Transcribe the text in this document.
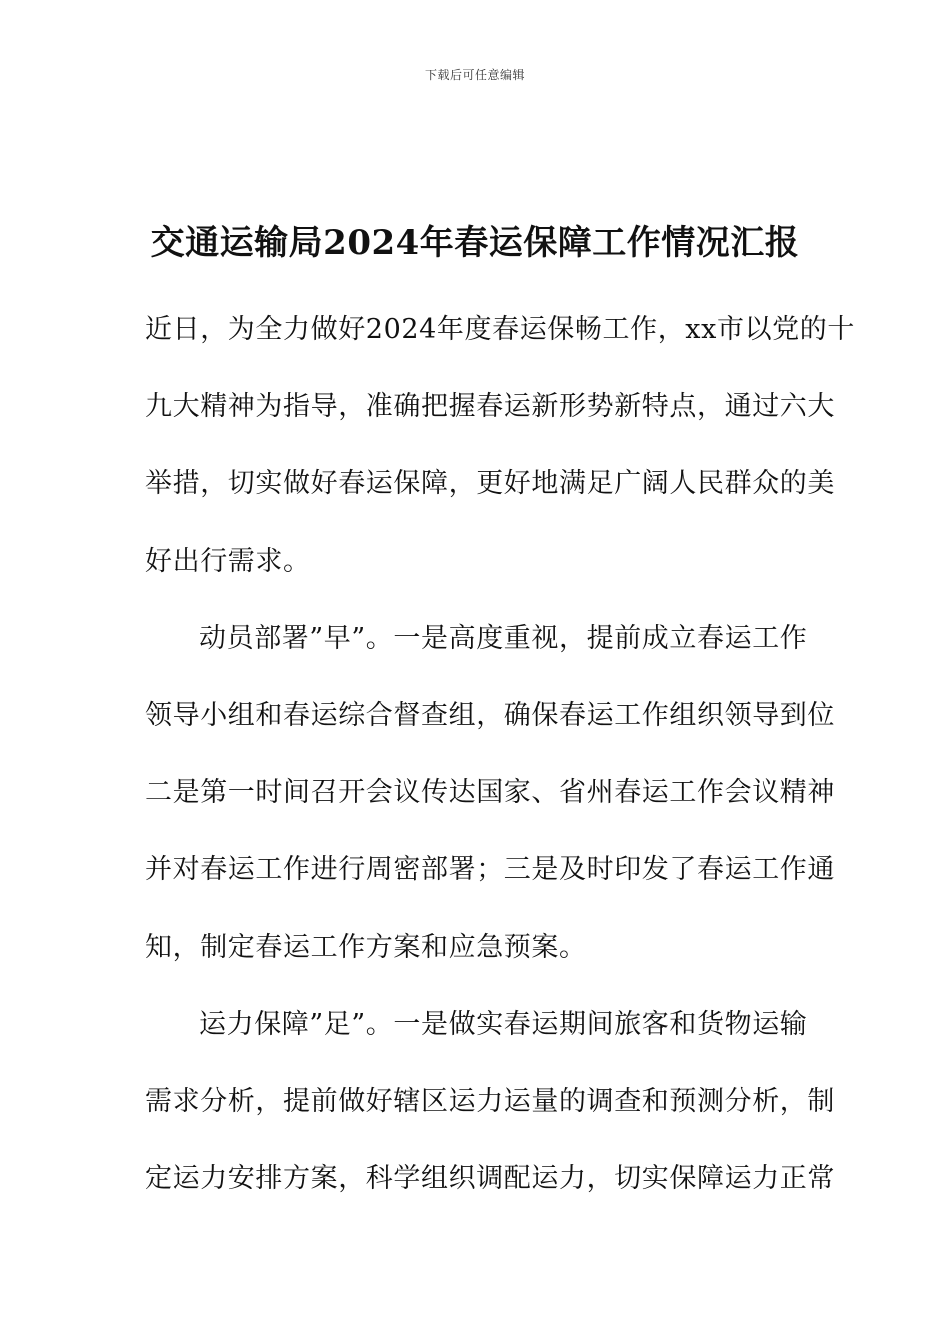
下载后可任意编辑
交通运输局2024年春运保障工作情况汇报
近日，为全力做好2024年度春运保畅工作，xx市以党的十
九大精神为指导，准确把握春运新形势新特点，通过六大
举措，切实做好春运保障，更好地满足广阔人民群众的美
好出行需求。
动员部署”早”。一是高度重视，提前成立春运工作
领导小组和春运综合督查组，确保春运工作组织领导到位
二是第一时间召开会议传达国家、省州春运工作会议精神
并对春运工作进行周密部署；三是及时印发了春运工作通
知，制定春运工作方案和应急预案。
运力保障”足”。一是做实春运期间旅客和货物运输
需求分析，提前做好辖区运力运量的调查和预测分析，制
定运力安排方案，科学组织调配运力，切实保障运力正常
